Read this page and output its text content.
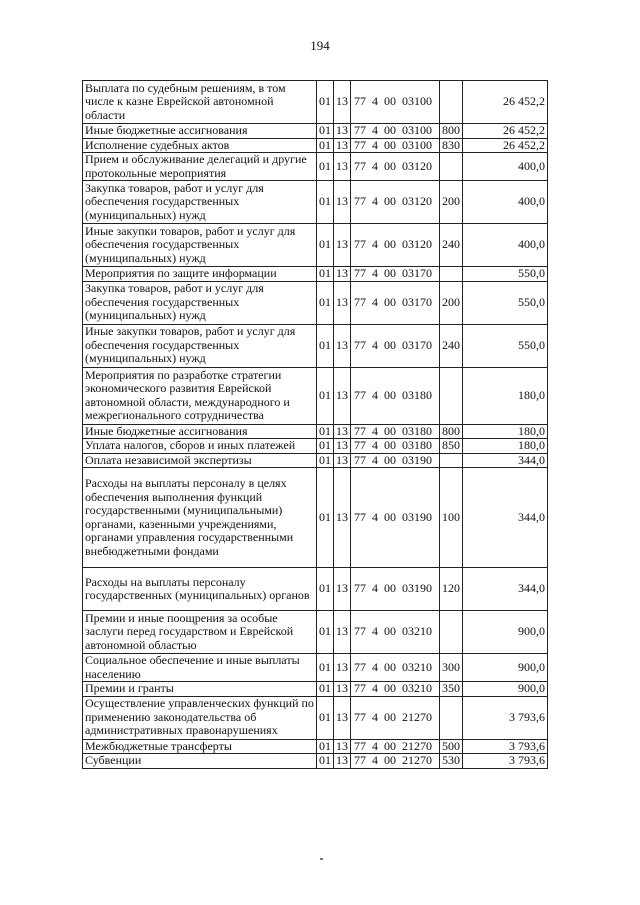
194
Выплата по судебным решениям, в том числе к казне Еврейской автономной области	01	13	77 4 00 03100		26 452,2
Иные бюджетные ассигнования	01	13	77 4 00 03100	800	26 452,2
Исполнение судебных актов	01	13	77 4 00 03100	830	26 452,2
Прием и обслуживание делегаций и другие протокольные мероприятия	01	13	77 4 00 03120		400,0
Закупка товаров, работ и услуг для обеспечения государственных (муниципальных) нужд	01	13	77 4 00 03120	200	400,0
Иные закупки товаров, работ и услуг для обеспечения государственных (муниципальных) нужд	01	13	77 4 00 03120	240	400,0
Мероприятия по защите информации	01	13	77 4 00 03170		550,0
Закупка товаров, работ и услуг для обеспечения государственных (муниципальных) нужд	01	13	77 4 00 03170	200	550,0
Иные закупки товаров, работ и услуг для обеспечения государственных (муниципальных) нужд	01	13	77 4 00 03170	240	550,0
Мероприятия по разработке стратегии экономического развития Еврейской автономной области, международного и межрегионального сотрудничества	01	13	77 4 00 03180		180,0
Иные бюджетные ассигнования	01	13	77 4 00 03180	800	180,0
Уплата налогов, сборов и иных платежей	01	13	77 4 00 03180	850	180,0
Оплата независимой экспертизы	01	13	77 4 00 03190		344,0
Расходы на выплаты персоналу в целях обеспечения выполнения функций государственными (муниципальными) органами, казенными учреждениями, органами управления государственными внебюджетными фондами	01	13	77 4 00 03190	100	344,0
Расходы на выплаты персоналу государственных (муниципальных) органов	01	13	77 4 00 03190	120	344,0
Премии и иные поощрения за особые заслуги перед государством и Еврейской автономной областью	01	13	77 4 00 03210		900,0
Социальное обеспечение и иные выплаты населению	01	13	77 4 00 03210	300	900,0
Премии и гранты	01	13	77 4 00 03210	350	900,0
Осуществление управленческих функций по применению законодательства об административных правонарушениях	01	13	77 4 00 21270		3 793,6
Межбюджетные трансферты	01	13	77 4 00 21270	500	3 793,6
Субвенции	01	13	77 4 00 21270	530	3 793,6
